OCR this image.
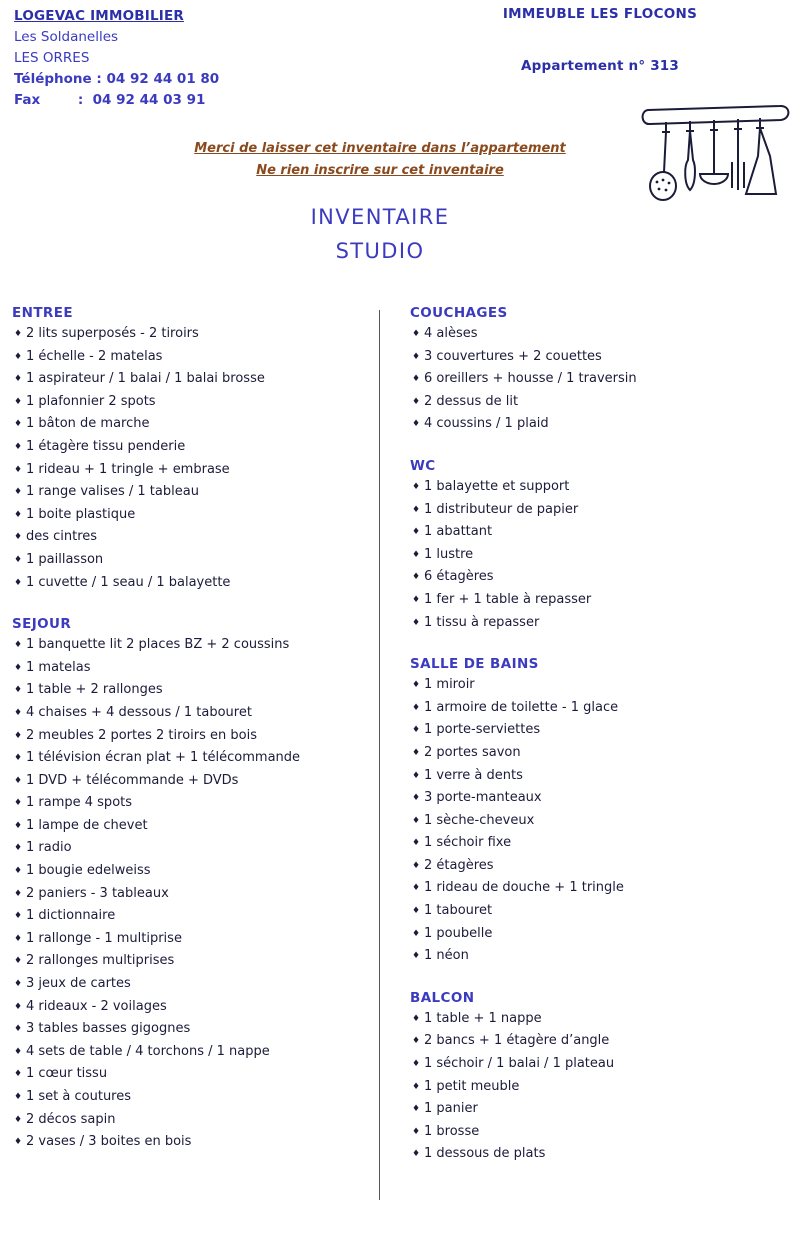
LOGEVAC IMMOBILIER
Les Soldanelles
LES ORRES
Téléphone : 04 92 44 01 80
Fax        :  04 92 44 03 91
IMMEUBLE LES FLOCONS
Appartement n° 313
Merci de laisser cet inventaire dans l’appartement
Ne rien inscrire sur cet inventaire
INVENTAIRE
STUDIO
ENTREE
♦ 2 lits superposés - 2 tiroirs
♦ 1 échelle - 2 matelas
♦ 1 aspirateur / 1 balai / 1 balai brosse
♦ 1 plafonnier 2 spots
♦ 1 bâton de marche
♦ 1 étagère tissu penderie
♦ 1 rideau + 1 tringle + embrase
♦ 1 range valises / 1 tableau
♦ 1 boite plastique
♦ des cintres
♦ 1 paillasson
♦ 1 cuvette / 1 seau / 1 balayette
SEJOUR
♦ 1 banquette lit 2 places BZ + 2 coussins
♦ 1 matelas
♦ 1 table + 2 rallonges
♦ 4 chaises + 4 dessous / 1 tabouret
♦ 2 meubles 2 portes 2 tiroirs en bois
♦ 1 télévision écran plat + 1 télécommande
♦ 1 DVD + télécommande + DVDs
♦ 1 rampe 4 spots
♦ 1 lampe de chevet
♦ 1 radio
♦ 1 bougie edelweiss
♦ 2 paniers - 3 tableaux
♦ 1 dictionnaire
♦ 1 rallonge - 1 multiprise
♦ 2 rallonges multiprises
♦ 3 jeux de cartes
♦ 4 rideaux - 2 voilages
♦ 3 tables basses gigognes
♦ 4 sets de table / 4 torchons / 1 nappe
♦ 1 cœur tissu
♦ 1 set à coutures
♦ 2 décos sapin
♦ 2 vases / 3 boites en bois
COUCHAGES
♦ 4 alèses
♦ 3 couvertures + 2 couettes
♦ 6 oreillers + housse / 1 traversin
♦ 2 dessus de lit
♦ 4 coussins / 1 plaid
WC
♦ 1 balayette et support
♦ 1 distributeur de papier
♦ 1 abattant
♦ 1 lustre
♦ 6 étagères
♦ 1 fer + 1 table à repasser
♦ 1 tissu à repasser
SALLE DE BAINS
♦ 1 miroir
♦ 1 armoire de toilette - 1 glace
♦ 1 porte-serviettes
♦ 2 portes savon
♦ 1 verre à dents
♦ 3 porte-manteaux
♦ 1 sèche-cheveux
♦ 1 séchoir fixe
♦ 2 étagères
♦ 1 rideau de douche + 1 tringle
♦ 1 tabouret
♦ 1 poubelle
♦ 1 néon
BALCON
♦ 1 table + 1 nappe
♦ 2 bancs + 1 étagère d’angle
♦ 1 séchoir / 1 balai / 1 plateau
♦ 1 petit meuble
♦ 1 panier
♦ 1 brosse
♦ 1 dessous de plats
